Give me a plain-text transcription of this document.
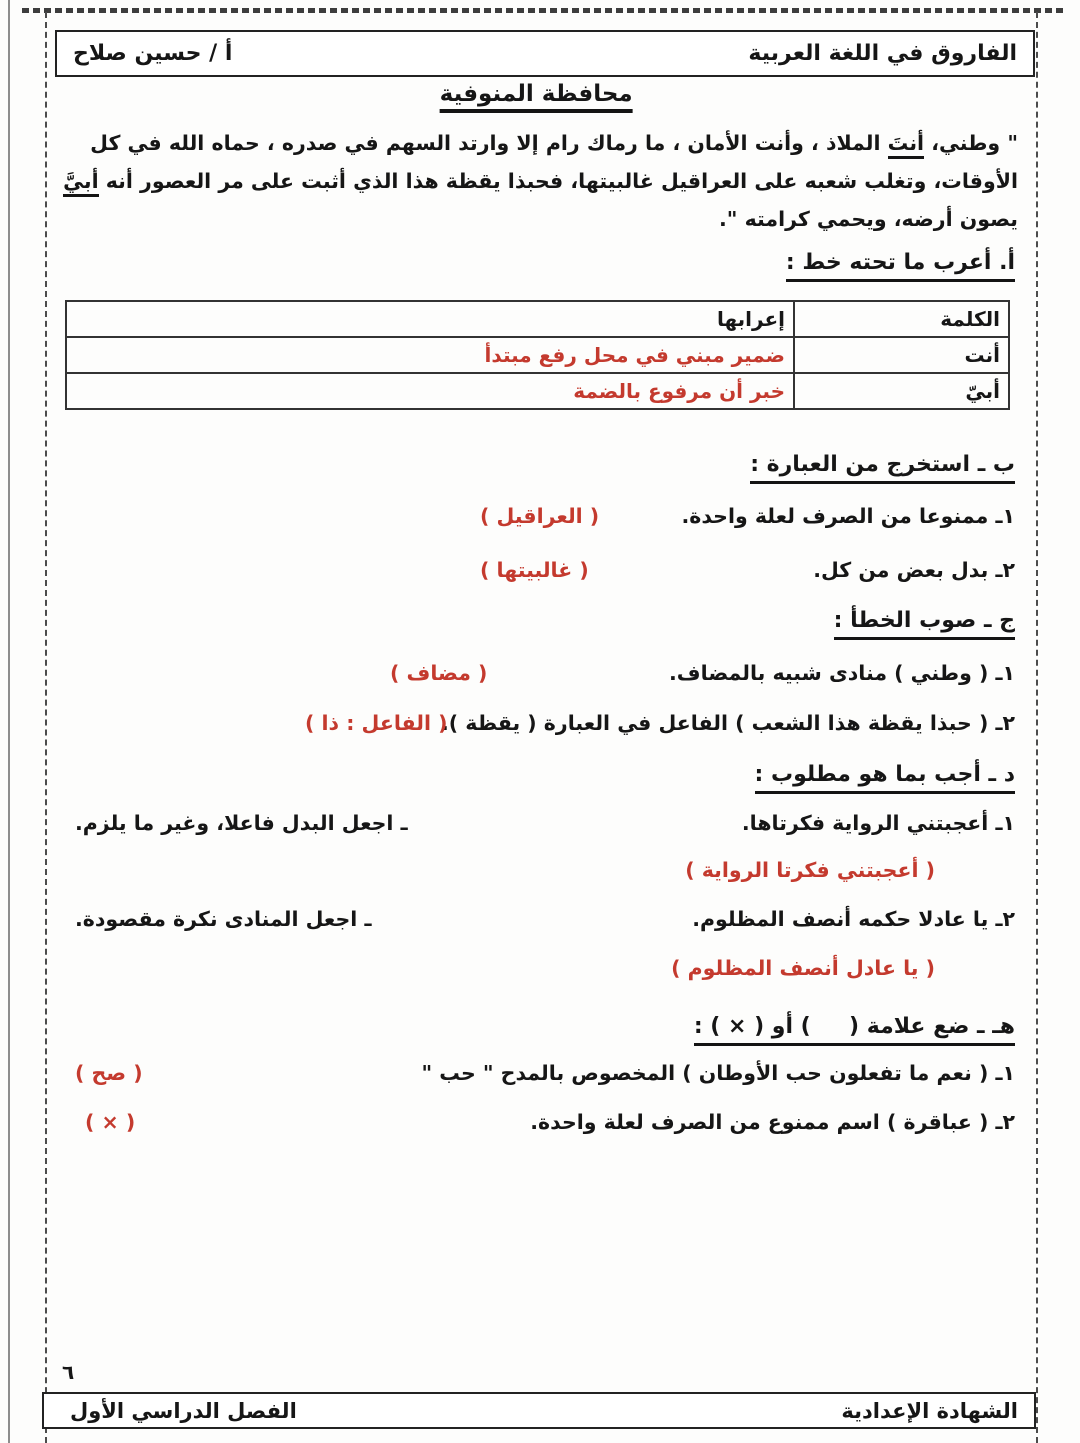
الفاروق في اللغة العربية
أ / حسين صلاح
محافظة المنوفية
" وطني، أنتَ الملاذ ، وأنت الأمان ، ما رماك رام إلا وارتد السهم في صدره ، حماه الله في كل
الأوقات، وتغلب شعبه على العراقيل غالبيتها، فحبذا يقظة هذا الذي أثبت على مر العصور أنه أبيَّ
يصون أرضه، ويحمي كرامته ".
أ. أعرب ما تحته خط :
الكلمة	إعرابها
أنت	ضمير مبني في محل رفع مبتدأ
أبيّ	خبر أن مرفوع بالضمة
ب ـ استخرج من العبارة :
١ـ ممنوعا من الصرف لعلة واحدة.
( العراقيل )
٢ـ بدل بعض من كل.
( غالبيتها )
ج ـ صوب الخطأ :
١ـ ( وطني ) منادى شبيه بالمضاف.
( مضاف )
٢ـ ( حبذا يقظة هذا الشعب ) الفاعل في العبارة ( يقظة ).
( الفاعل : ذا )
د ـ أجب بما هو مطلوب :
١ـ أعجبتني الرواية فكرتاها.
ـ اجعل البدل فاعلا، وغير ما يلزم.
( أعجبتني فكرتا الرواية )
٢ـ يا عادلا حكمه أنصف المظلوم.
ـ اجعل المنادى نكرة مقصودة.
( يا عادل أنصف المظلوم )
هـ ـ ضع علامة (     ) أو ( × ) :
١ـ ( نعم ما تفعلون حب الأوطان ) المخصوص بالمدح " حب "
( صح )
٢ـ ( عباقرة ) اسم ممنوع من الصرف لعلة واحدة.
( × )
٦
الشهادة الإعدادية
الفصل الدراسي الأول
